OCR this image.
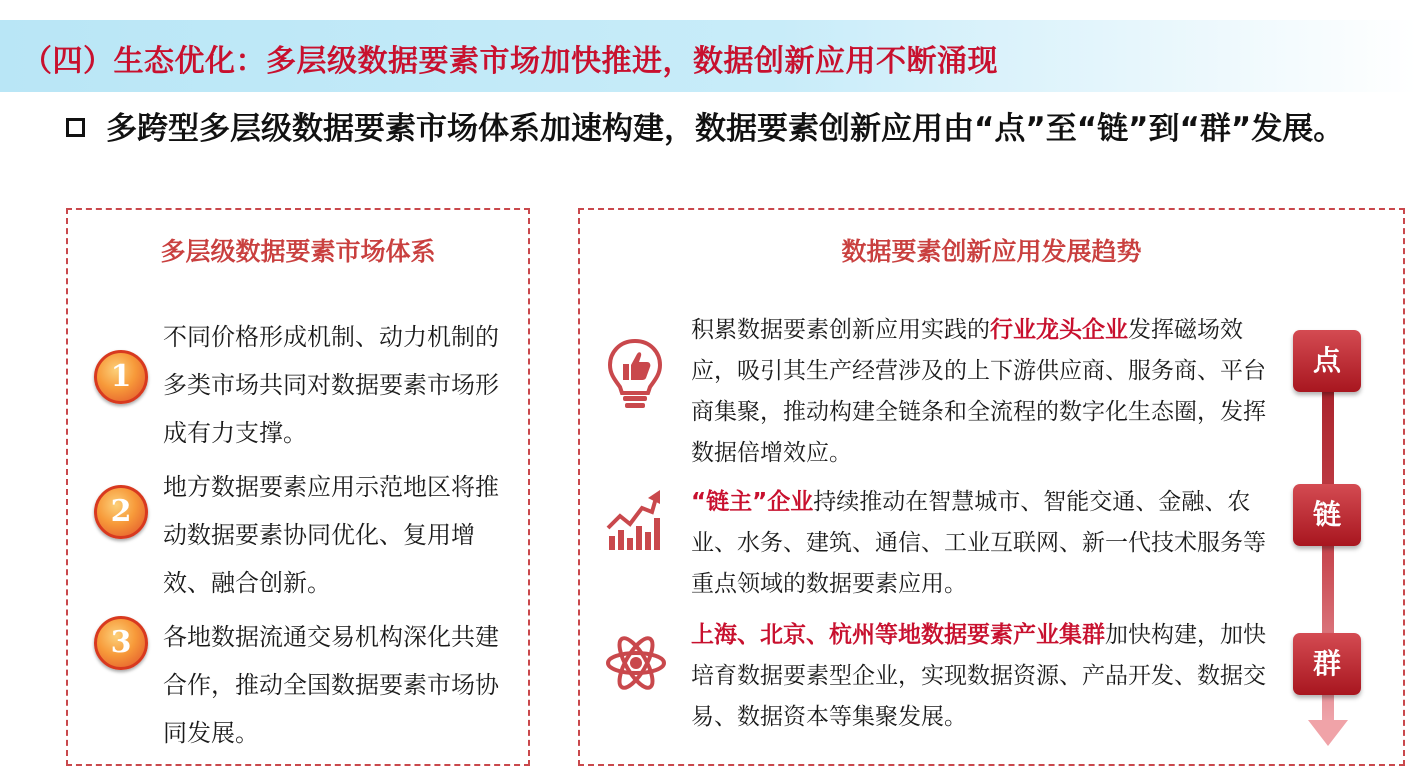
（四）生态优化：多层级数据要素市场加快推进，数据创新应用不断涌现
多跨型多层级数据要素市场体系加速构建，数据要素创新应用由“点”至“链”到“群”发展。
多层级数据要素市场体系
1
不同价格形成机制、动力机制的多类市场共同对数据要素市场形成有力支撑。
2
地方数据要素应用示范地区将推动数据要素协同优化、复用增效、融合创新。
3	各地数据流通交易机构深化共建合作，推动全国数据要素市场协同发展。
数据要素创新应用发展趋势
积累数据要素创新应用实践的行业龙头企业发挥磁场效应，吸引其生产经营涉及的上下游供应商、服务商、平台商集聚，推动构建全链条和全流程的数字化生态圈，发挥数据倍增效应。
“链主”企业持续推动在智慧城市、智能交通、金融、农业、水务、建筑、通信、工业互联网、新一代技术服务等重点领域的数据要素应用。
上海、北京、杭州等地数据要素产业集群加快构建，加快培育数据要素型企业，实现数据资源、产品开发、数据交易、数据资本等集聚发展。
点
链
群
